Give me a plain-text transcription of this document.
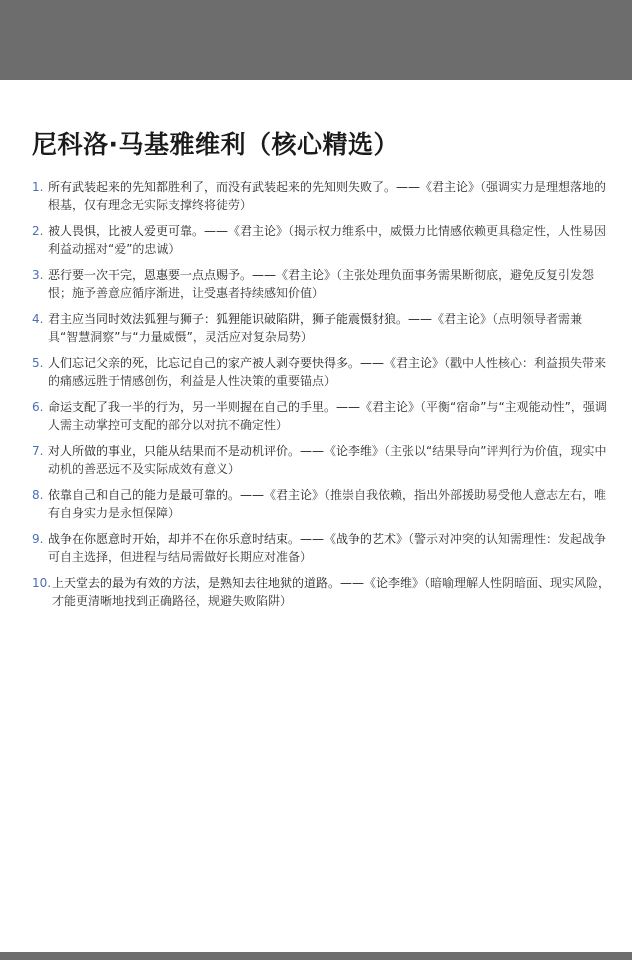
尼科洛·马基雅维利（核心精选）
1. 所有武装起来的先知都胜利了，而没有武装起来的先知则失败了。——《君主论》（强调实力是理想落地的根基，仅有理念无实际支撑终将徒劳）
2. 被人畏惧，比被人爱更可靠。——《君主论》（揭示权力维系中，威慑力比情感依赖更具稳定性，人性易因利益动摇对“爱”的忠诚）
3. 恶行要一次干完，恩惠要一点点赐予。——《君主论》（主张处理负面事务需果断彻底，避免反复引发怨恨；施予善意应循序渐进，让受惠者持续感知价值）
4. 君主应当同时效法狐狸与狮子：狐狸能识破陷阱，狮子能震慑豺狼。——《君主论》（点明领导者需兼具“智慧洞察”与“力量威慑”，灵活应对复杂局势）
5. 人们忘记父亲的死，比忘记自己的家产被人剥夺要快得多。——《君主论》（戳中人性核心：利益损失带来的痛感远胜于情感创伤，利益是人性决策的重要锚点）
6. 命运支配了我一半的行为，另一半则握在自己的手里。——《君主论》（平衡“宿命”与“主观能动性”，强调人需主动掌控可支配的部分以对抗不确定性）
7. 对人所做的事业，只能从结果而不是动机评价。——《论李维》（主张以“结果导向”评判行为价值，现实中动机的善恶远不及实际成效有意义）
8. 依靠自己和自己的能力是最可靠的。——《君主论》（推崇自我依赖，指出外部援助易受他人意志左右，唯有自身实力是永恒保障）
9. 战争在你愿意时开始，却并不在你乐意时结束。——《战争的艺术》（警示对冲突的认知需理性：发起战争可自主选择，但进程与结局需做好长期应对准备）
10. 上天堂去的最为有效的方法，是熟知去往地狱的道路。——《论李维》（暗喻理解人性阴暗面、现实风险，才能更清晰地找到正确路径，规避失败陷阱）
